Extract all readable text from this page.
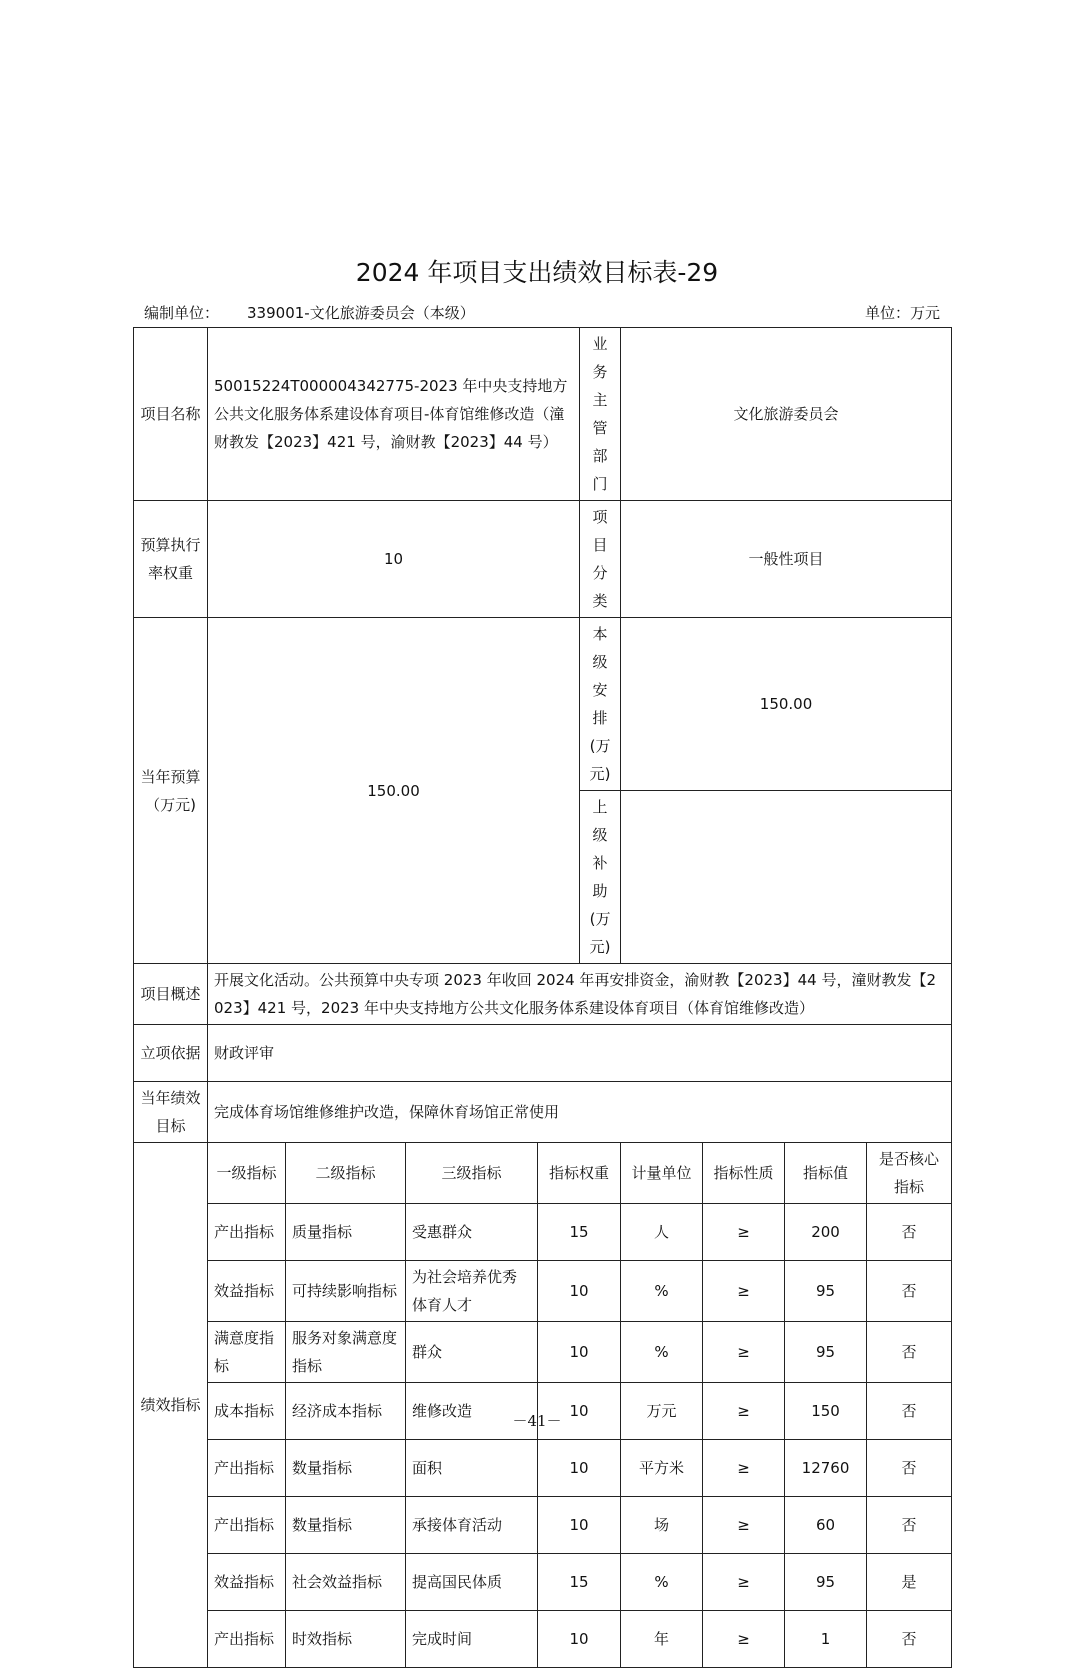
2024 年项目支出绩效目标表-29
编制单位： 339001-文化旅游委员会（本级）	单位：万元
项目名称	50015224T000004342775-2023 年中央支持地方公共文化服务体系建设体育项目-体育馆维修改造（潼财教发【2023】421 号，渝财教【2023】44 号）				业务主管部门	文化旅游委员会			
预算执行率权重	10				项目分类	一般性项目			
当年预算（万元)	150.00				本级安排(万元)	150.00			
					上级补助(万元)				
项目概述	开展文化活动。公共预算中央专项 2023 年收回 2024 年再安排资金，渝财教【2023】44 号，潼财教发【2023】421 号，2023 年中央支持地方公共文化服务体系建设体育项目（体育馆维修改造）								
立项依据	财政评审								
当年绩效目标	完成体育场馆维修维护改造，保障休育场馆正常使用								
绩效指标	一级指标	二级指标	三级指标	指标权重		计量单位	指标性质	指标值	是否核心指标
	产出指标	质量指标	受惠群众	15		人	≥	200	否
	效益指标	可持续影响指标	为社会培养优秀体育人才	10		%	≥	95	否
	满意度指标	服务对象满意度指标	群众	10		%	≥	95	否
	成本指标	经济成本指标	维修改造	10		万元	≥	150	否
	产出指标	数量指标	面积	10		平方米	≥	12760	否
	产出指标	数量指标	承接体育活动	10		场	≥	60	否
	效益指标	社会效益指标	提高国民体质	15		%	≥	95	是
	产出指标	时效指标	完成时间	10		年	≥	1	否
－41－
